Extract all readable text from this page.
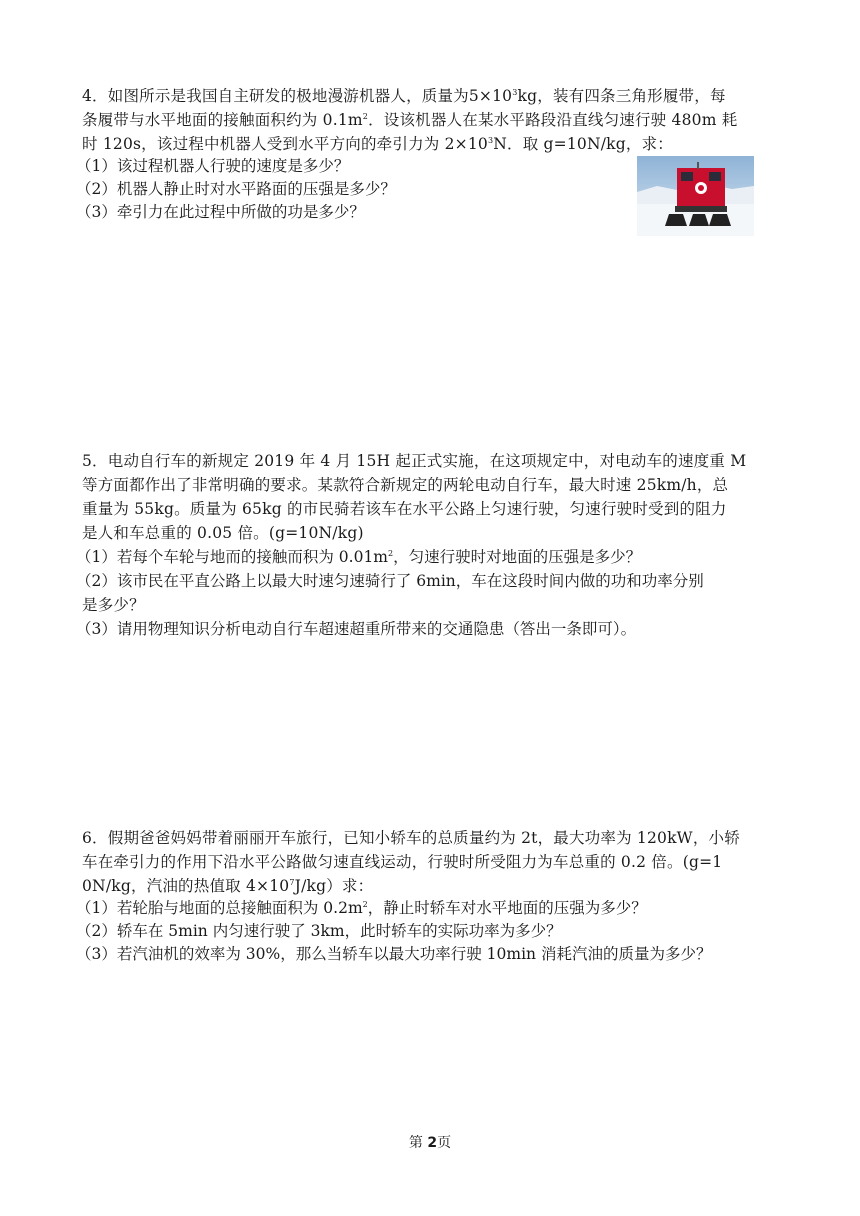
4．如图所示是我国自主研发的极地漫游机器人，质量为$5\times 10^3kg$，装有四条三角形履带，每
条履带与水平地面的接触面积约为 $0.1m^2$．设该机器人在某水平路段沿直线匀速行驶 480m 耗
时 120s，该过程中机器人受到水平方向的牵引力为 $2\times 10^3N$．取 g=10N/kg，求：
（1）该过程机器人行驶的速度是多少？
（2）机器人静止时对水平路面的压强是多少？
（3）牵引力在此过程中所做的功是多少？
5．电动自行车的新规定 2019 年 4 月 15H 起正式实施，在这项规定中，对电动车的速度重 M
等方面都作出了非常明确的要求。某款符合新规定的两轮电动自行车，最大时速 25km/h，总
重量为 55kg。质量为 65kg 的市民骑若该车在水平公路上匀速行驶，匀速行驶时受到的阻力
是人和车总重的 0.05 倍。(g=10N/kg)
（1）若每个车轮与地而的接触而积为 $0.01m^2$，匀速行驶时对地面的压强是多少？
（2）该市民在平直公路上以最大时速匀速骑行了 6min，车在这段时间内做的功和功率分别
是多少？
（3）请用物理知识分析电动自行车超速超重所带来的交通隐患（答出一条即可）。
6．假期爸爸妈妈带着丽丽开车旅行，已知小轿车的总质量约为 2t，最大功率为 120kW，小轿
车在牵引力的作用下沿水平公路做匀速直线运动，行驶时所受阻力为车总重的 0.2 倍。(g=1
0N/kg，汽油的热值取 $4\times 10^7J/kg$）求：
（1）若轮胎与地面的总接触面积为 $0.2m^2$，静止时轿车对水平地面的压强为多少？
（2）轿车在 5min 内匀速行驶了 3km，此时轿车的实际功率为多少？
（3）若汽油机的效率为 30%，那么当轿车以最大功率行驶 10min 消耗汽油的质量为多少？
第 2页
